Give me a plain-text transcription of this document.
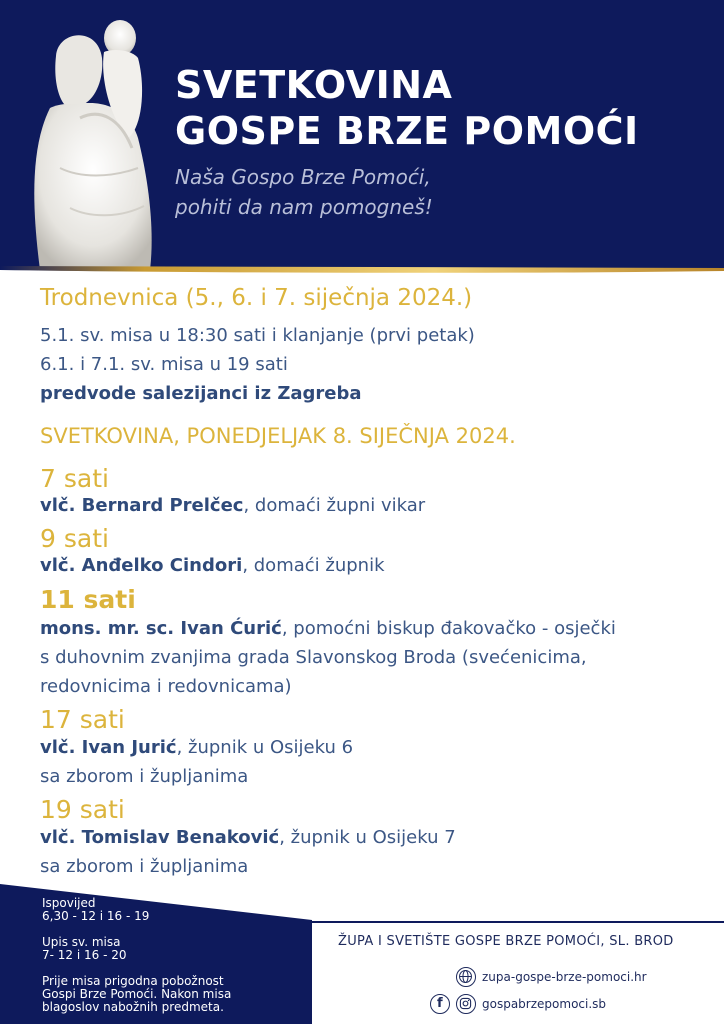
SVETKOVINA
GOSPE BRZE POMOĆI
Naša Gospo Brze Pomoći,
pohiti da nam pomogneš!
Trodnevnica (5., 6. i 7. siječnja 2024.)
5.1. sv. misa u 18:30 sati i klanjanje (prvi petak)
6.1. i 7.1. sv. misa u 19 sati
predvode salezijanci iz Zagreba
SVETKOVINA, PONEDJELJAK 8. SIJEČNJA 2024.
7 sati
vlč. Bernard Prelčec, domaći župni vikar
9 sati
vlč. Anđelko Cindori, domaći župnik
11 sati
mons. mr. sc. Ivan Ćurić, pomoćni biskup đakovačko - osječki
s duhovnim zvanjima grada Slavonskog Broda (svećenicima,
redovnicima i redovnicama)
17 sati
vlč. Ivan Jurić, župnik u Osijeku 6
sa zborom i župljanima
19 sati
vlč. Tomislav Benaković, župnik u Osijeku 7
sa zborom i župljanima
Ispovijed
6,30 - 12 i 16 - 19
Upis sv. misa
7- 12 i 16 - 20
Prije misa prigodna pobožnost
Gospi Brze Pomoći. Nakon misa
blagoslov nabožnih predmeta.
ŽUPA I SVETIŠTE GOSPE BRZE POMOĆI, SL. BROD
zupa-gospe-brze-pomoci.hr
f	gospabrzepomoci.sb
